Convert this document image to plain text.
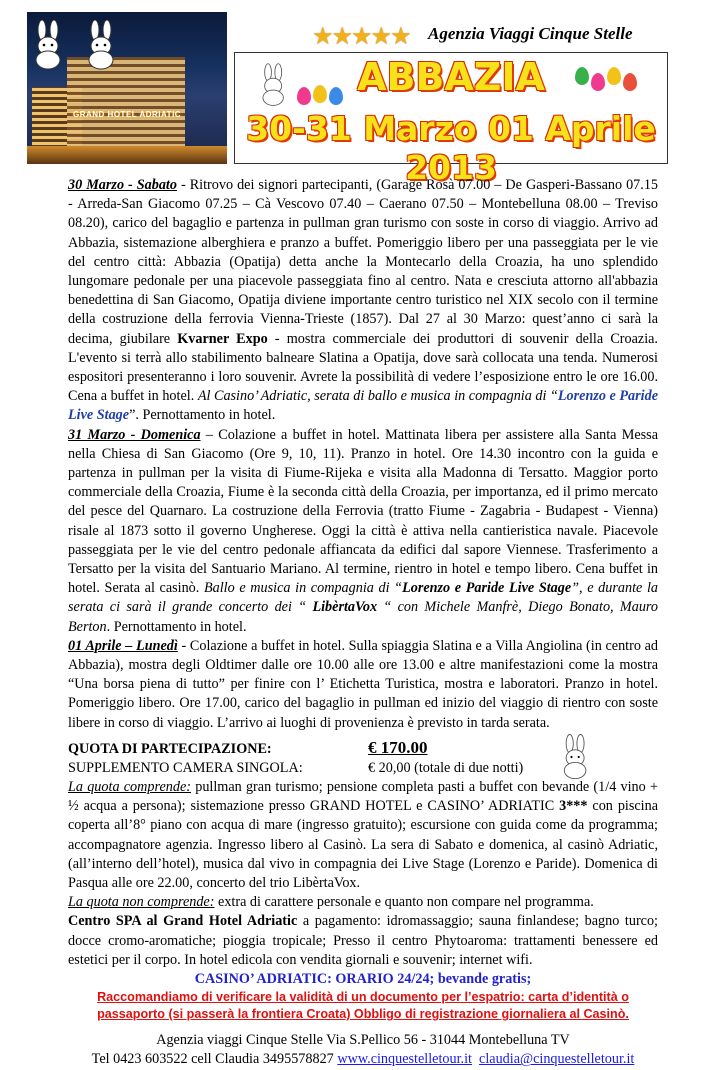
GRAND HOTEL ADRIATIC
★★★★★ Agenzia Viaggi Cinque Stelle
ABBAZIA
30-31 Marzo 01 Aprile 2013

30 Marzo - Sabato - Ritrovo dei signori partecipanti, (Garage Rosà 07.00 – De Gasperi-Bassano 07.15 - Arreda-San Giacomo 07.25 – Cà Vescovo 07.40 – Caerano 07.50 – Montebelluna 08.00 – Treviso 08.20), carico del bagaglio e partenza in pullman gran turismo con soste in corso di viaggio. Arrivo ad Abbazia, sistemazione alberghiera e pranzo a buffet. Pomeriggio libero per una passeggiata per le vie del centro città: Abbazia (Opatija) detta anche la Montecarlo della Croazia, ha uno splendido lungomare pedonale per una piacevole passeggiata fino al centro. Nata e cresciuta attorno all'abbazia benedettina di San Giacomo, Opatija diviene importante centro turistico nel XIX secolo con il termine della costruzione della ferrovia Vienna-Trieste (1857). Dal 27 al 30 Marzo: quest’anno ci sarà la decima, giubilare Kvarner Expo - mostra commerciale dei produttori di souvenir della Croazia. L'evento si terrà allo stabilimento balneare Slatina a Opatija, dove sarà collocata una tenda. Numerosi espositori presenteranno i loro souvenir. Avrete la possibilità di vedere l’esposizione entro le ore 16.00. Cena a buffet in hotel. Al Casino’ Adriatic, serata di ballo e musica in compagnia di “Lorenzo e Paride Live Stage”. Pernottamento in hotel.

31 Marzo - Domenica – Colazione a buffet in hotel. Mattinata libera per assistere alla Santa Messa nella Chiesa di San Giacomo (Ore 9, 10, 11). Pranzo in hotel. Ore 14.30 incontro con la guida e partenza in pullman per la visita di Fiume-Rijeka e visita alla Madonna di Tersatto. Maggior porto commerciale della Croazia, Fiume è la seconda città della Croazia, per importanza, ed il primo mercato del pesce del Quarnaro. La costruzione della Ferrovia (tratto Fiume - Zagabria - Budapest - Vienna) risale al 1873 sotto il governo Ungherese. Oggi la città è attiva nella cantieristica navale. Piacevole passeggiata per le vie del centro pedonale affiancata da edifici dal sapore Viennese. Trasferimento a Tersatto per la visita del Santuario Mariano. Al termine, rientro in hotel e tempo libero. Cena buffet in hotel. Serata al casinò. Ballo e musica in compagnia di “Lorenzo e Paride Live Stage”, e durante la serata ci sarà il grande concerto dei “ LibèrtaVox “ con Michele Manfrè, Diego Bonato, Mauro Berton. Pernottamento in hotel.

01 Aprile – Lunedì - Colazione a buffet in hotel. Sulla spiaggia Slatina e a Villa Angiolina (in centro ad Abbazia), mostra degli Oldtimer dalle ore 10.00 alle ore 13.00 e altre manifestazioni come la mostra “Una borsa piena di tutto” per finire con l’ Etichetta Turistica, mostra e laboratori. Pranzo in hotel. Pomeriggio libero. Ore 17.00, carico del bagaglio in pullman ed inizio del viaggio di rientro con soste libere in corso di viaggio. L’arrivo ai luoghi di provenienza è previsto in tarda serata.

QUOTA DI PARTECIPAZIONE:	€ 170.00
SUPPLEMENTO CAMERA SINGOLA:	€ 20,00 (totale di due notti)

La quota comprende: pullman gran turismo; pensione completa pasti a buffet con bevande (1/4 vino + ½ acqua a persona); sistemazione presso GRAND HOTEL e CASINO’ ADRIATIC 3*** con piscina coperta all’8° piano con acqua di mare (ingresso gratuito); escursione con guida come da programma; accompagnatore agenzia. Ingresso libero al Casinò. La sera di Sabato e domenica, al casinò Adriatic, (all’interno dell’hotel), musica dal vivo in compagnia dei Live Stage (Lorenzo e Paride). Domenica di Pasqua alle ore 22.00, concerto del trio LibèrtaVox.

La quota non comprende: extra di carattere personale e quanto non compare nel programma.

Centro SPA al Grand Hotel Adriatic a pagamento: idromassaggio; sauna finlandese; bagno turco; docce cromo-aromatiche; pioggia tropicale; Presso il centro Phytoaroma: trattamenti benessere ed estetici per il corpo. In hotel edicola con vendita giornali e souvenir; internet wifi.

CASINO’ ADRIATIC: ORARIO 24/24; bevande gratis;

Raccomandiamo di verificare la validità di un documento per l’espatrio: carta d’identità o passaporto (si passerà la frontiera Croata) Obbligo di registrazione giornaliera al Casinò.

Agenzia viaggi Cinque Stelle Via S.Pellico 56 - 31044 Montebelluna TV
Tel 0423 603522 cell Claudia 3495578827 www.cinquestelletour.it claudia@cinquestelletour.it
